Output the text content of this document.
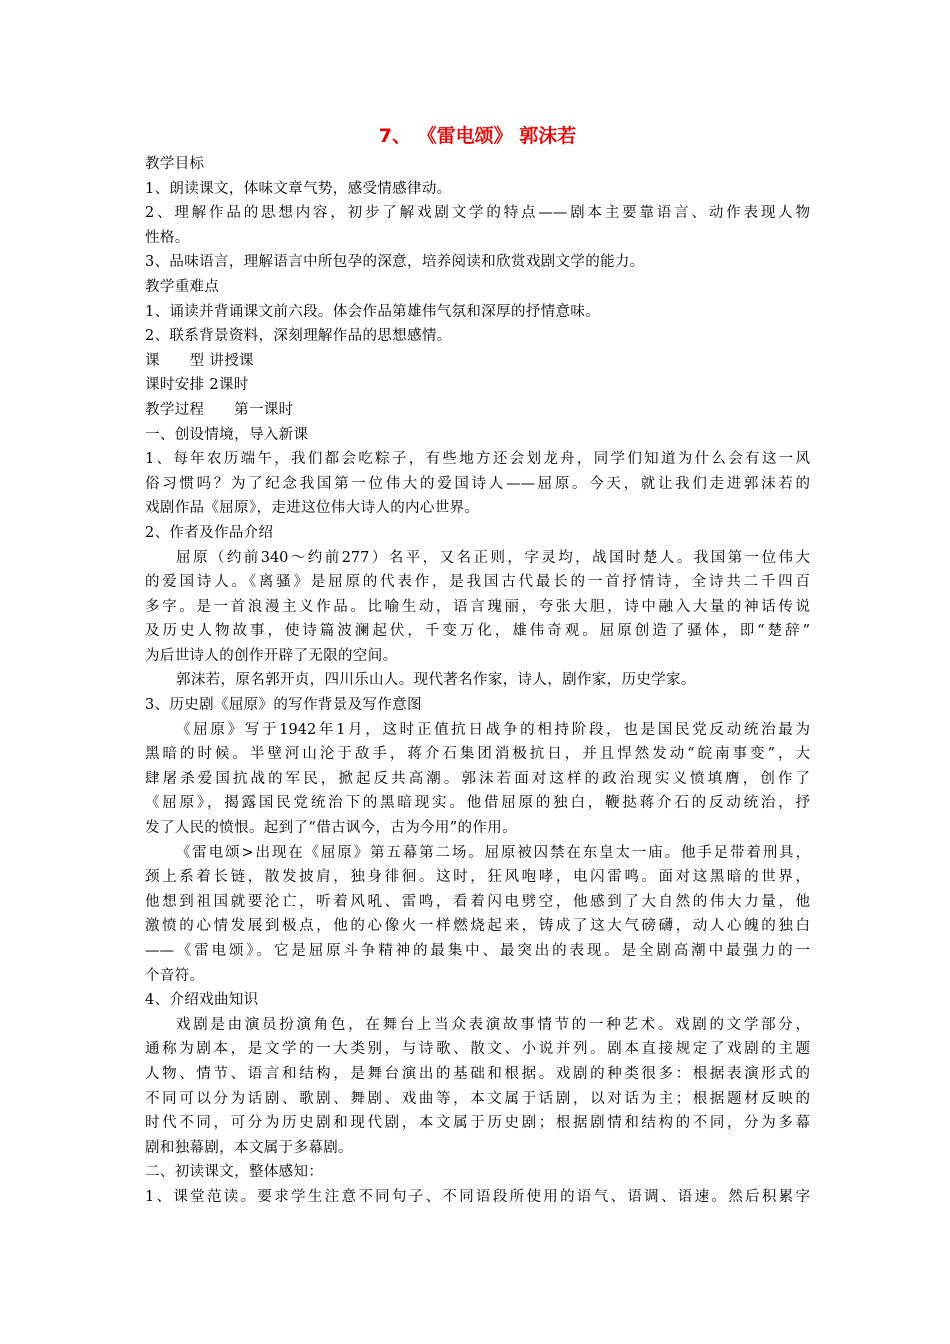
7、 《雷电颂》 郭沫若
教学目标
1、朗读课文，体味文章气势，感受情感律动。
2、理解作品的思想内容，初步了解戏剧文学的特点——剧本主要靠语言、动作表现人物
性格。
3、品味语言，理解语言中所包孕的深意，培养阅读和欣赏戏剧文学的能力。
教学重难点
1、诵读并背诵课文前六段。体会作品第雄伟气氛和深厚的抒情意味。
2、联系背景资料，深刻理解作品的思想感情。
课　　型 讲授课
课时安排 2课时
教学过程　　第一课时
一、创设情境，导入新课
1、每年农历端午，我们都会吃粽子，有些地方还会划龙舟，同学们知道为什么会有这一风
俗习惯吗？为了纪念我国第一位伟大的爱国诗人——屈原。今天，就让我们走进郭沫若的
戏剧作品《屈原》，走进这位伟大诗人的内心世界。
2、作者及作品介绍
屈原（约前340～约前277）名平，又名正则，字灵均，战国时楚人。我国第一位伟大
的爱国诗人。《离骚》是屈原的代表作，是我国古代最长的一首抒情诗，全诗共二千四百
多字。是一首浪漫主义作品。比喻生动，语言瑰丽，夸张大胆，诗中融入大量的神话传说
及历史人物故事，使诗篇波澜起伏，千变万化，雄伟奇观。屈原创造了骚体，即“楚辞”
为后世诗人的创作开辟了无限的空间。
郭沫若，原名郭开贞，四川乐山人。现代著名作家，诗人，剧作家，历史学家。
3、历史剧《屈原》的写作背景及写作意图
《屈原》写于1942年1月，这时正值抗日战争的相持阶段，也是国民党反动统治最为
黑暗的时候。半壁河山沦于敌手，蒋介石集团消极抗日，并且悍然发动“皖南事变”，大
肆屠杀爱国抗战的军民，掀起反共高潮。郭沫若面对这样的政治现实义愤填膺，创作了
《屈原》，揭露国民党统治下的黑暗现实。他借屈原的独白，鞭挞蒋介石的反动统治，抒
发了人民的愤恨。起到了“借古讽今，古为今用”的作用。
《雷电颂>出现在《屈原》第五幕第二场。屈原被囚禁在东皇太一庙。他手足带着刑具，
颈上系着长链，散发披肩，独身徘徊。这时，狂风咆哮，电闪雷鸣。面对这黑暗的世界，
他想到祖国就要沦亡，听着风吼、雷鸣，看着闪电劈空，他感到了大自然的伟大力量，他
激愤的心情发展到极点，他的心像火一样燃烧起来，铸成了这大气磅礴，动人心魄的独白
——《雷电颂》。它是屈原斗争精神的最集中、最突出的表现。是全剧高潮中最强力的一
个音符。
4、介绍戏曲知识
戏剧是由演员扮演角色，在舞台上当众表演故事情节的一种艺术。戏剧的文学部分，
通称为剧本，是文学的一大类别，与诗歌、散文、小说并列。剧本直接规定了戏剧的主题
人物、情节、语言和结构，是舞台演出的基础和根据。戏剧的种类很多：根据表演形式的
不同可以分为话剧、歌剧、舞剧、戏曲等，本文属于话剧，以对话为主；根据题材反映的
时代不同，可分为历史剧和现代剧，本文属于历史剧；根据剧情和结构的不同，分为多幕
剧和独幕剧，本文属于多幕剧。
二、初读课文，整体感知：
1、课堂范读。要求学生注意不同句子、不同语段所使用的语气、语调、语速。然后积累字
